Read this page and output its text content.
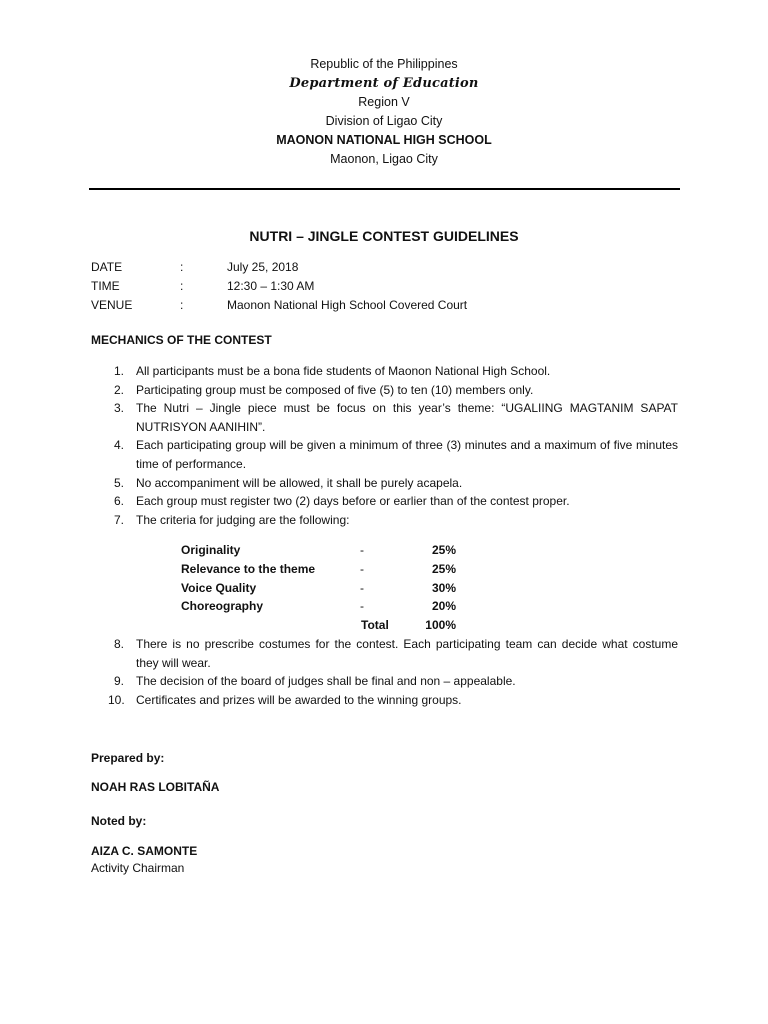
Republic of the Philippines
Department of Education
Region V
Division of Ligao City
MAONON NATIONAL HIGH SCHOOL
Maonon, Ligao City
NUTRI – JINGLE CONTEST GUIDELINES
DATE	:	July 25, 2018
TIME	:	12:30 – 1:30 AM
VENUE	:	Maonon National High School Covered Court
MECHANICS OF THE CONTEST
1. All participants must be a bona fide students of Maonon National High School.
2. Participating group must be composed of five (5) to ten (10) members only.
3. The Nutri – Jingle piece must be focus on this year’s theme: “UGALIING MAGTANIM SAPAT NUTRISYON AANIHIN”.
4. Each participating group will be given a minimum of three (3) minutes and a maximum of five minutes time of performance.
5. No accompaniment will be allowed, it shall be purely acapela.
6. Each group must register two (2) days before or earlier than of the contest proper.
7. The criteria for judging are the following:
Originality	-	25%
Relevance to the theme	-	25%
Voice Quality	-	30%
Choreography	-	20%
Total	100%
8. There is no prescribe costumes for the contest. Each participating team can decide what costume they will wear.
9. The decision of the board of judges shall be final and non – appealable.
10. Certificates and prizes will be awarded to the winning groups.
Prepared by:
NOAH RAS LOBITAÑA
Noted by:
AIZA C. SAMONTE
Activity Chairman
